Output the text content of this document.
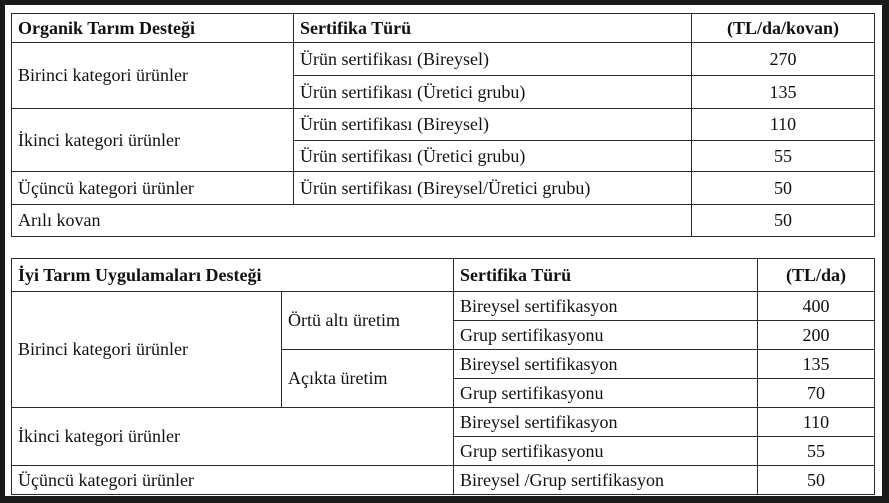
Organik Tarım Desteği	Sertifika Türü	(TL/da/kovan)
Birinci kategori ürünler	Ürün sertifikası (Bireysel)	270
	Ürün sertifikası (Üretici grubu)	135
İkinci kategori ürünler	Ürün sertifikası (Bireysel)	110
	Ürün sertifikası (Üretici grubu)	55
Üçüncü kategori ürünler	Ürün sertifikası (Bireysel/Üretici grubu)	50
Arılı kovan		50
İyi Tarım Uygulamaları Desteği		Sertifika Türü	(TL/da)
Birinci kategori ürünler	Örtü altı üretim	Bireysel sertifikasyon	400
		Grup sertifikasyonu	200
	Açıkta üretim	Bireysel sertifikasyon	135
		Grup sertifikasyonu	70
İkinci kategori ürünler		Bireysel sertifikasyon	110
		Grup sertifikasyonu	55
Üçüncü kategori ürünler		Bireysel /Grup sertifikasyon	50
